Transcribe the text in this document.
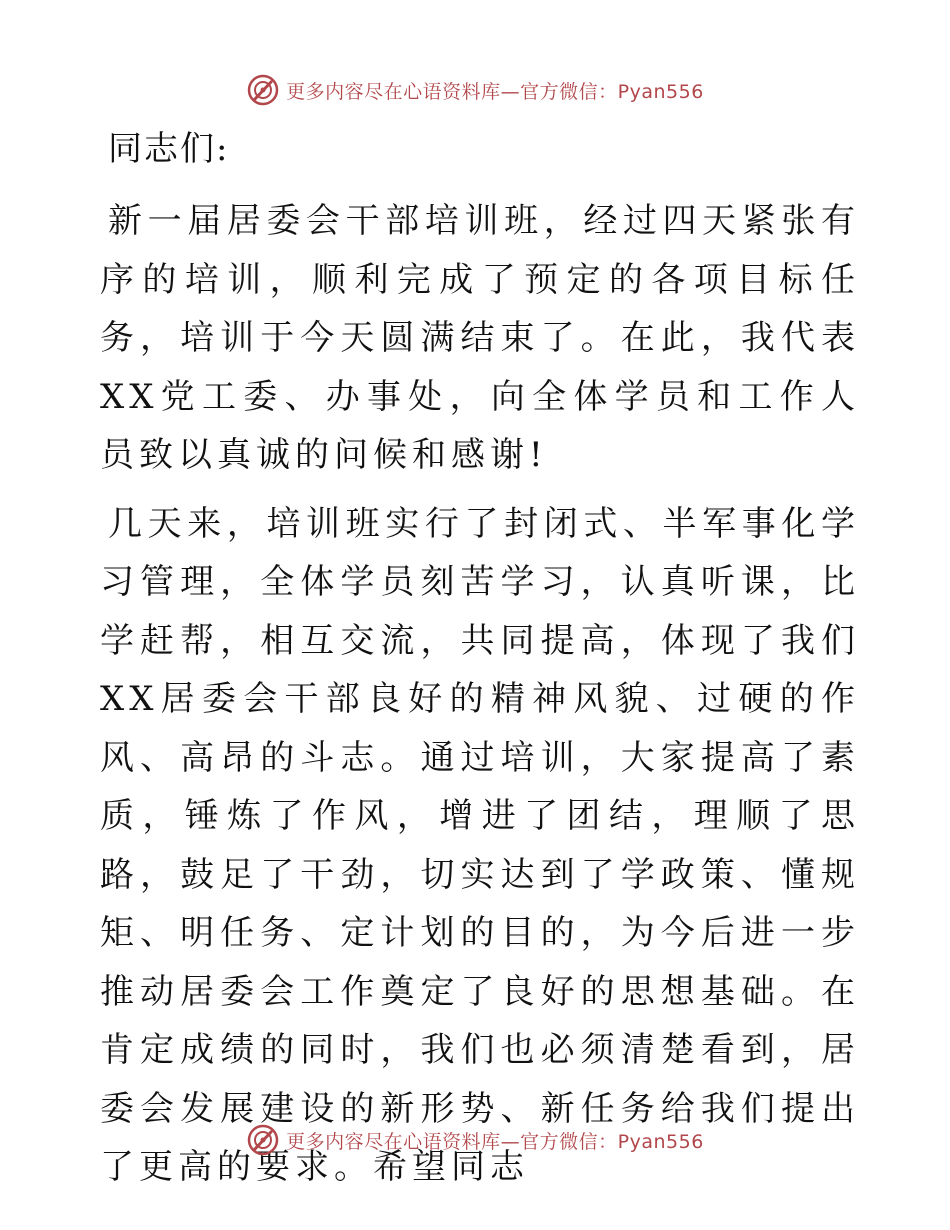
更多内容尽在心语资料库—官方微信：Pyan556

同志们:

新一届居委会干部培训班，经过四天紧张有序的培训，顺利完成了预定的各项目标任务，培训于今天圆满结束了。在此，我代表XX党工委、办事处，向全体学员和工作人员致以真诚的问候和感谢!

几天来，培训班实行了封闭式、半军事化学习管理，全体学员刻苦学习，认真听课，比学赶帮，相互交流，共同提高，体现了我们XX居委会干部良好的精神风貌、过硬的作风、高昂的斗志。通过培训，大家提高了素质，锤炼了作风，增进了团结，理顺了思路，鼓足了干劲，切实达到了学政策、懂规矩、明任务、定计划的目的，为今后进一步推动居委会工作奠定了良好的思想基础。在肯定成绩的同时，我们也必须清楚看到，居委会发展建设的新形势、新任务给我们提出了更高的要求。希望同志

更多内容尽在心语资料库—官方微信：Pyan556
